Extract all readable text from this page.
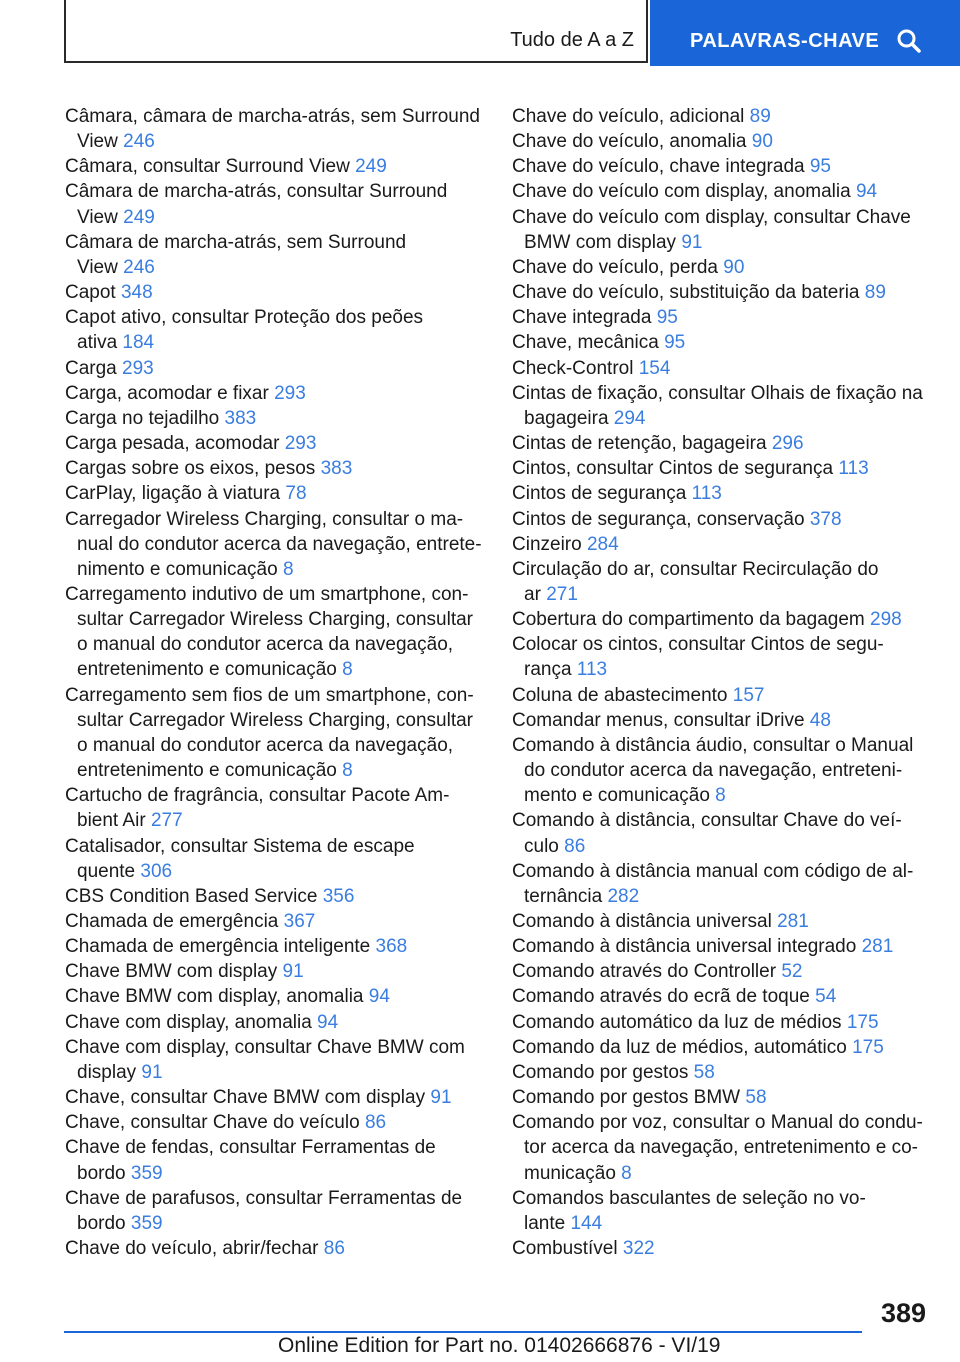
Tudo de A a Z	PALAVRAS-CHAVE
Câmara, câmara de marcha-atrás, sem Surround
View 246
Câmara, consultar Surround View 249
Câmara de marcha-atrás, consultar Surround
View 249
Câmara de marcha-atrás, sem Surround
View 246
Capot 348
Capot ativo, consultar Proteção dos peões
ativa 184
Carga 293
Carga, acomodar e fixar 293
Carga no tejadilho 383
Carga pesada, acomodar 293
Cargas sobre os eixos, pesos 383
CarPlay, ligação à viatura 78
Carregador Wireless Charging, consultar o ma-
nual do condutor acerca da navegação, entrete-
nimento e comunicação 8
Carregamento indutivo de um smartphone, con-
sultar Carregador Wireless Charging, consultar
o manual do condutor acerca da navegação,
entretenimento e comunicação 8
Carregamento sem fios de um smartphone, con-
sultar Carregador Wireless Charging, consultar
o manual do condutor acerca da navegação,
entretenimento e comunicação 8
Cartucho de fragrância, consultar Pacote Am-
bient Air 277
Catalisador, consultar Sistema de escape
quente 306
CBS Condition Based Service 356
Chamada de emergência 367
Chamada de emergência inteligente 368
Chave BMW com display 91
Chave BMW com display, anomalia 94
Chave com display, anomalia 94
Chave com display, consultar Chave BMW com
display 91
Chave, consultar Chave BMW com display 91
Chave, consultar Chave do veículo 86
Chave de fendas, consultar Ferramentas de
bordo 359
Chave de parafusos, consultar Ferramentas de
bordo 359
Chave do veículo, abrir/fechar 86
Chave do veículo, adicional 89
Chave do veículo, anomalia 90
Chave do veículo, chave integrada 95
Chave do veículo com display, anomalia 94
Chave do veículo com display, consultar Chave
BMW com display 91
Chave do veículo, perda 90
Chave do veículo, substituição da bateria 89
Chave integrada 95
Chave, mecânica 95
Check-Control 154
Cintas de fixação, consultar Olhais de fixação na
bagageira 294
Cintas de retenção, bagageira 296
Cintos, consultar Cintos de segurança 113
Cintos de segurança 113
Cintos de segurança, conservação 378
Cinzeiro 284
Circulação do ar, consultar Recirculação do
ar 271
Cobertura do compartimento da bagagem 298
Colocar os cintos, consultar Cintos de segu-
rança 113
Coluna de abastecimento 157
Comandar menus, consultar iDrive 48
Comando à distância áudio, consultar o Manual
do condutor acerca da navegação, entreteni-
mento e comunicação 8
Comando à distância, consultar Chave do veí-
culo 86
Comando à distância manual com código de al-
ternância 282
Comando à distância universal 281
Comando à distância universal integrado 281
Comando através do Controller 52
Comando através do ecrã de toque 54
Comando automático da luz de médios 175
Comando da luz de médios, automático 175
Comando por gestos 58
Comando por gestos BMW 58
Comando por voz, consultar o Manual do condu-
tor acerca da navegação, entretenimento e co-
municação 8
Comandos basculantes de seleção no vo-
lante 144
Combustível 322
389
Online Edition for Part no. 01402666876 - VI/19
